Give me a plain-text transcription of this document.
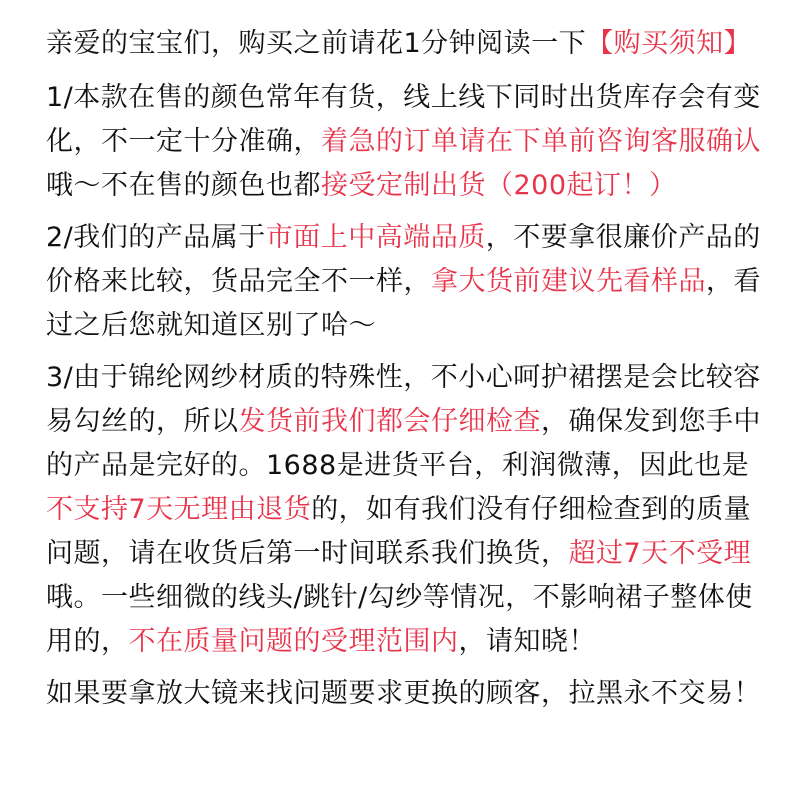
亲爱的宝宝们，购买之前请花1分钟阅读一下【购买须知】

1/本款在售的颜色常年有货，线上线下同时出货库存会有变化，不一定十分准确，着急的订单请在下单前咨询客服确认哦～不在售的颜色也都接受定制出货（200起订！）

2/我们的产品属于市面上中高端品质，不要拿很廉价产品的价格来比较，货品完全不一样，拿大货前建议先看样品，看过之后您就知道区别了哈～

3/由于锦纶网纱材质的特殊性，不小心呵护裙摆是会比较容易勾丝的，所以发货前我们都会仔细检查，确保发到您手中的产品是完好的。1688是进货平台，利润微薄，因此也是不支持7天无理由退货的，如有我们没有仔细检查到的质量问题，请在收货后第一时间联系我们换货，超过7天不受理哦。一些细微的线头/跳针/勾纱等情况，不影响裙子整体使用的，不在质量问题的受理范围内，请知晓！

如果要拿放大镜来找问题要求更换的顾客，拉黑永不交易！
